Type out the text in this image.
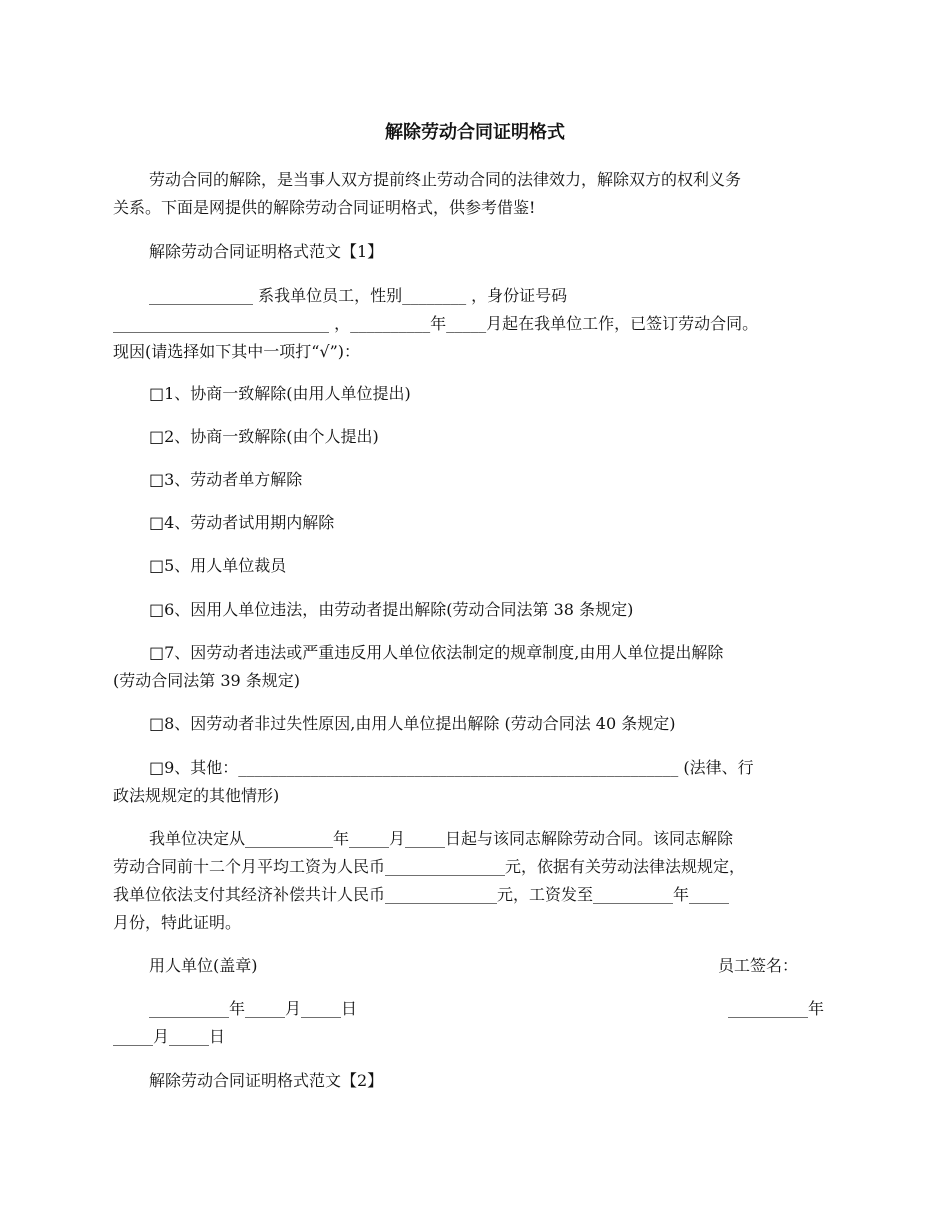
解除劳动合同证明格式
劳动合同的解除，是当事人双方提前终止劳动合同的法律效力，解除双方的权利义务
关系。下面是网提供的解除劳动合同证明格式，供参考借鉴!
解除劳动合同证明格式范文【1】
_____________ 系我单位员工，性别________ ，身份证号码
___________________________ ，__________年_____月起在我单位工作，已签订劳动合同。
现因(请选择如下其中一项打“√”)：
□1、协商一致解除(由用人单位提出)
□2、协商一致解除(由个人提出)
□3、劳动者单方解除
□4、劳动者试用期内解除
□5、用人单位裁员
□6、因用人单位违法，由劳动者提出解除(劳动合同法第 38 条规定)
□7、因劳动者违法或严重违反用人单位依法制定的规章制度,由用人单位提出解除
(劳动合同法第 39 条规定)
□8、因劳动者非过失性原因,由用人单位提出解除 (劳动合同法 40 条规定)
□9、其他：_______________________________________________________ (法律、行
政法规规定的其他情形)
我单位决定从___________年_____月_____日起与该同志解除劳动合同。该同志解除
劳动合同前十二个月平均工资为人民币_______________元，依据有关劳动法律法规规定，
我单位依法支付其经济补偿共计人民币______________元，工资发至__________年_____
月份，特此证明。
用人单位(盖章)	员工签名：
__________年_____月_____日	__________年
_____月_____日
解除劳动合同证明格式范文【2】
